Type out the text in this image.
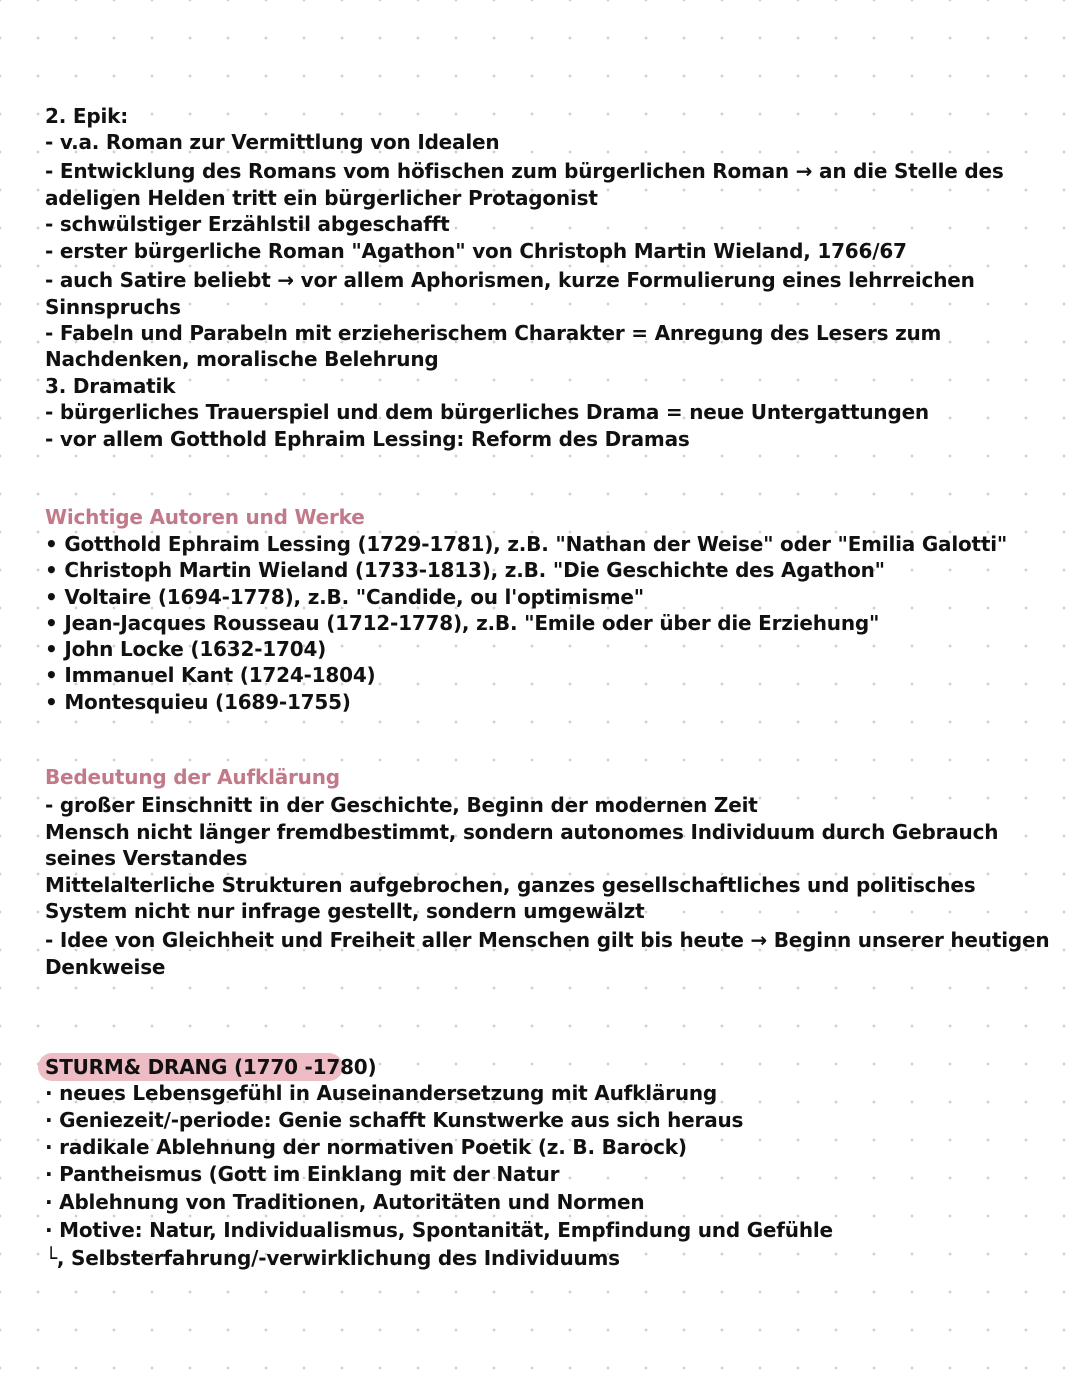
2. Epik:
- v.a. Roman zur Vermittlung von Idealen
- Entwicklung des Romans vom höfischen zum bürgerlichen Roman → an die Stelle des
adeligen Helden tritt ein bürgerlicher Protagonist
- schwülstiger Erzählstil abgeschafft
- erster bürgerliche Roman "Agathon" von Christoph Martin Wieland, 1766/67
- auch Satire beliebt → vor allem Aphorismen, kurze Formulierung eines lehrreichen
Sinnspruchs
- Fabeln und Parabeln mit erzieherischem Charakter = Anregung des Lesers zum
Nachdenken, moralische Belehrung
3. Dramatik
- bürgerliches Trauerspiel und dem bürgerliches Drama = neue Untergattungen
- vor allem Gotthold Ephraim Lessing: Reform des Dramas
Wichtige Autoren und Werke
• Gotthold Ephraim Lessing (1729-1781), z.B. "Nathan der Weise" oder "Emilia Galotti"
• Christoph Martin Wieland (1733-1813), z.B. "Die Geschichte des Agathon"
• Voltaire (1694-1778), z.B. "Candide, ou l'optimisme"
• Jean-Jacques Rousseau (1712-1778), z.B. "Emile oder über die Erziehung"
• John Locke (1632-1704)
• Immanuel Kant (1724-1804)
• Montesquieu (1689-1755)
Bedeutung der Aufklärung
- großer Einschnitt in der Geschichte, Beginn der modernen Zeit
Mensch nicht länger fremdbestimmt, sondern autonomes Individuum durch Gebrauch
seines Verstandes
Mittelalterliche Strukturen aufgebrochen, ganzes gesellschaftliches und politisches
System nicht nur infrage gestellt, sondern umgewälzt
- Idee von Gleichheit und Freiheit aller Menschen gilt bis heute → Beginn unserer heutigen
Denkweise
STURM& DRANG (1770 -1780)
· neues Lebensgefühl in Auseinandersetzung mit Aufklärung
· Geniezeit/-periode: Genie schafft Kunstwerke aus sich heraus
· radikale Ablehnung der normativen Poetik (z. B. Barock)
· Pantheismus (Gott im Einklang mit der Natur
· Ablehnung von Traditionen, Autoritäten und Normen
· Motive: Natur, Individualismus, Spontanität, Empfindung und Gefühle
└, Selbsterfahrung/-verwirklichung des Individuums
